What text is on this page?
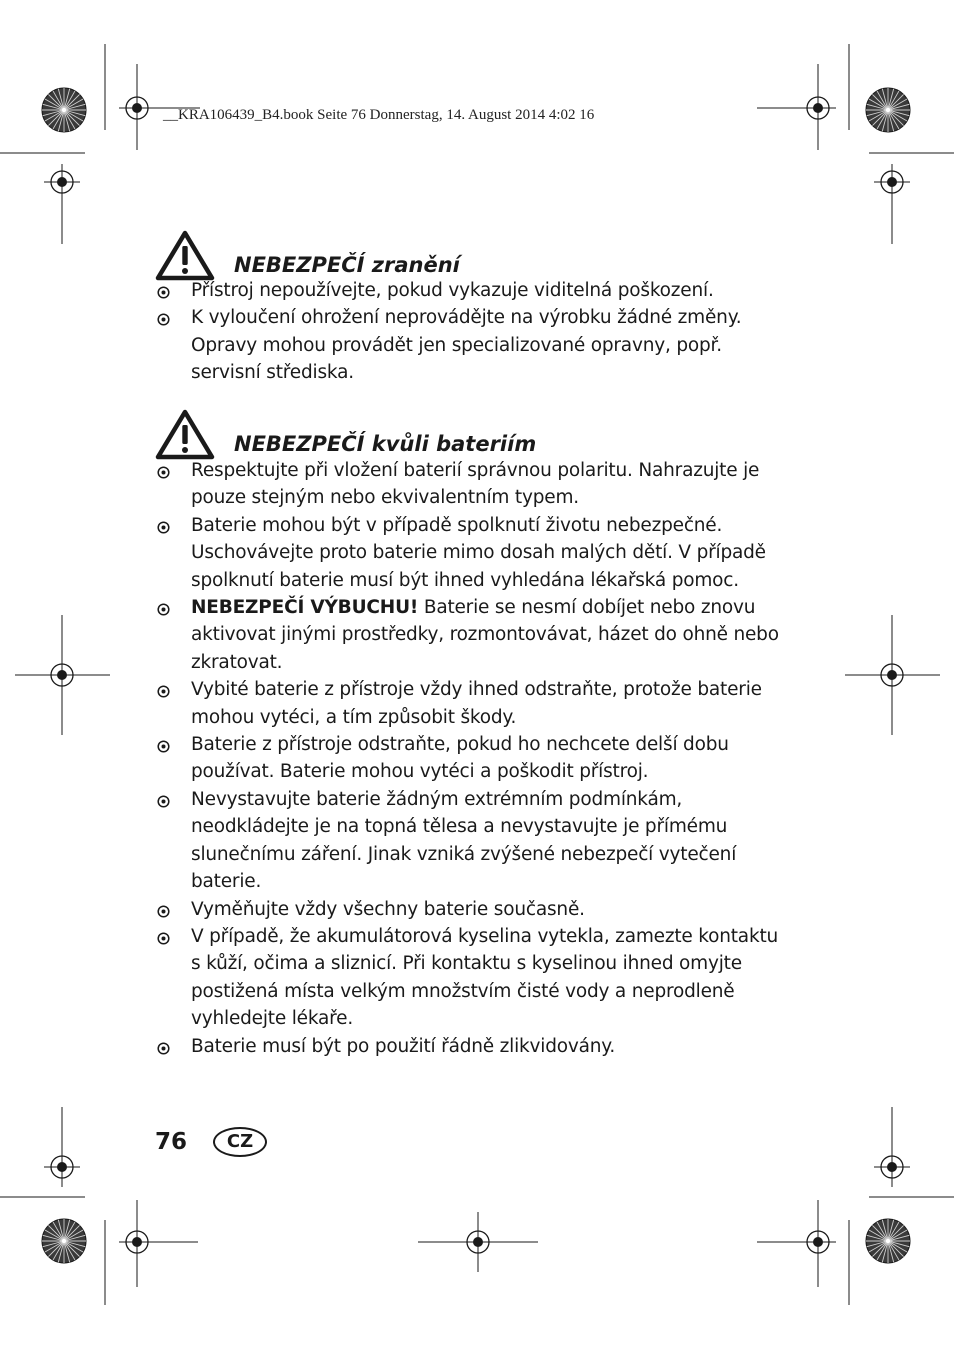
__KRA106439_B4.book Seite 76 Donnerstag, 14. August 2014 4:02 16
NEBEZPEČÍ zranění
Přístroj nepoužívejte, pokud vykazuje viditelná poškození.
K vyloučení ohrožení neprovádějte na výrobku žádné změny. Opravy mohou provádět jen specializované opravny, popř. servisní střediska.
NEBEZPEČÍ kvůli bateriím
Respektujte při vložení baterií správnou polaritu. Nahrazujte je pouze stejným nebo ekvivalentním typem.
Baterie mohou být v případě spolknutí životu nebezpečné. Uschovávejte proto baterie mimo dosah malých dětí. V případě spolknutí baterie musí být ihned vyhledána lékařská pomoc.
NEBEZPEČÍ VÝBUCHU! Baterie se nesmí dobíjet nebo znovu aktivovat jinými prostředky, rozmontovávat, házet do ohně nebo zkratovat.
Vybité baterie z přístroje vždy ihned odstraňte, protože baterie mohou vytéci, a tím způsobit škody.
Baterie z přístroje odstraňte, pokud ho nechcete delší dobu používat. Baterie mohou vytéci a poškodit přístroj.
Nevystavujte baterie žádným extrémním podmínkám, neodkládejte je na topná tělesa a nevystavujte je přímému slunečnímu záření. Jinak vzniká zvýšené nebezpečí vytečení baterie.
Vyměňujte vždy všechny baterie současně.
V případě, že akumulátorová kyselina vytekla, zamezte kontaktu s kůží, očima a sliznicí. Při kontaktu s kyselinou ihned omyjte postižená místa velkým množstvím čisté vody a neprodleně vyhledejte lékaře.
Baterie musí být po použití řádně zlikvidovány.
76	CZ
